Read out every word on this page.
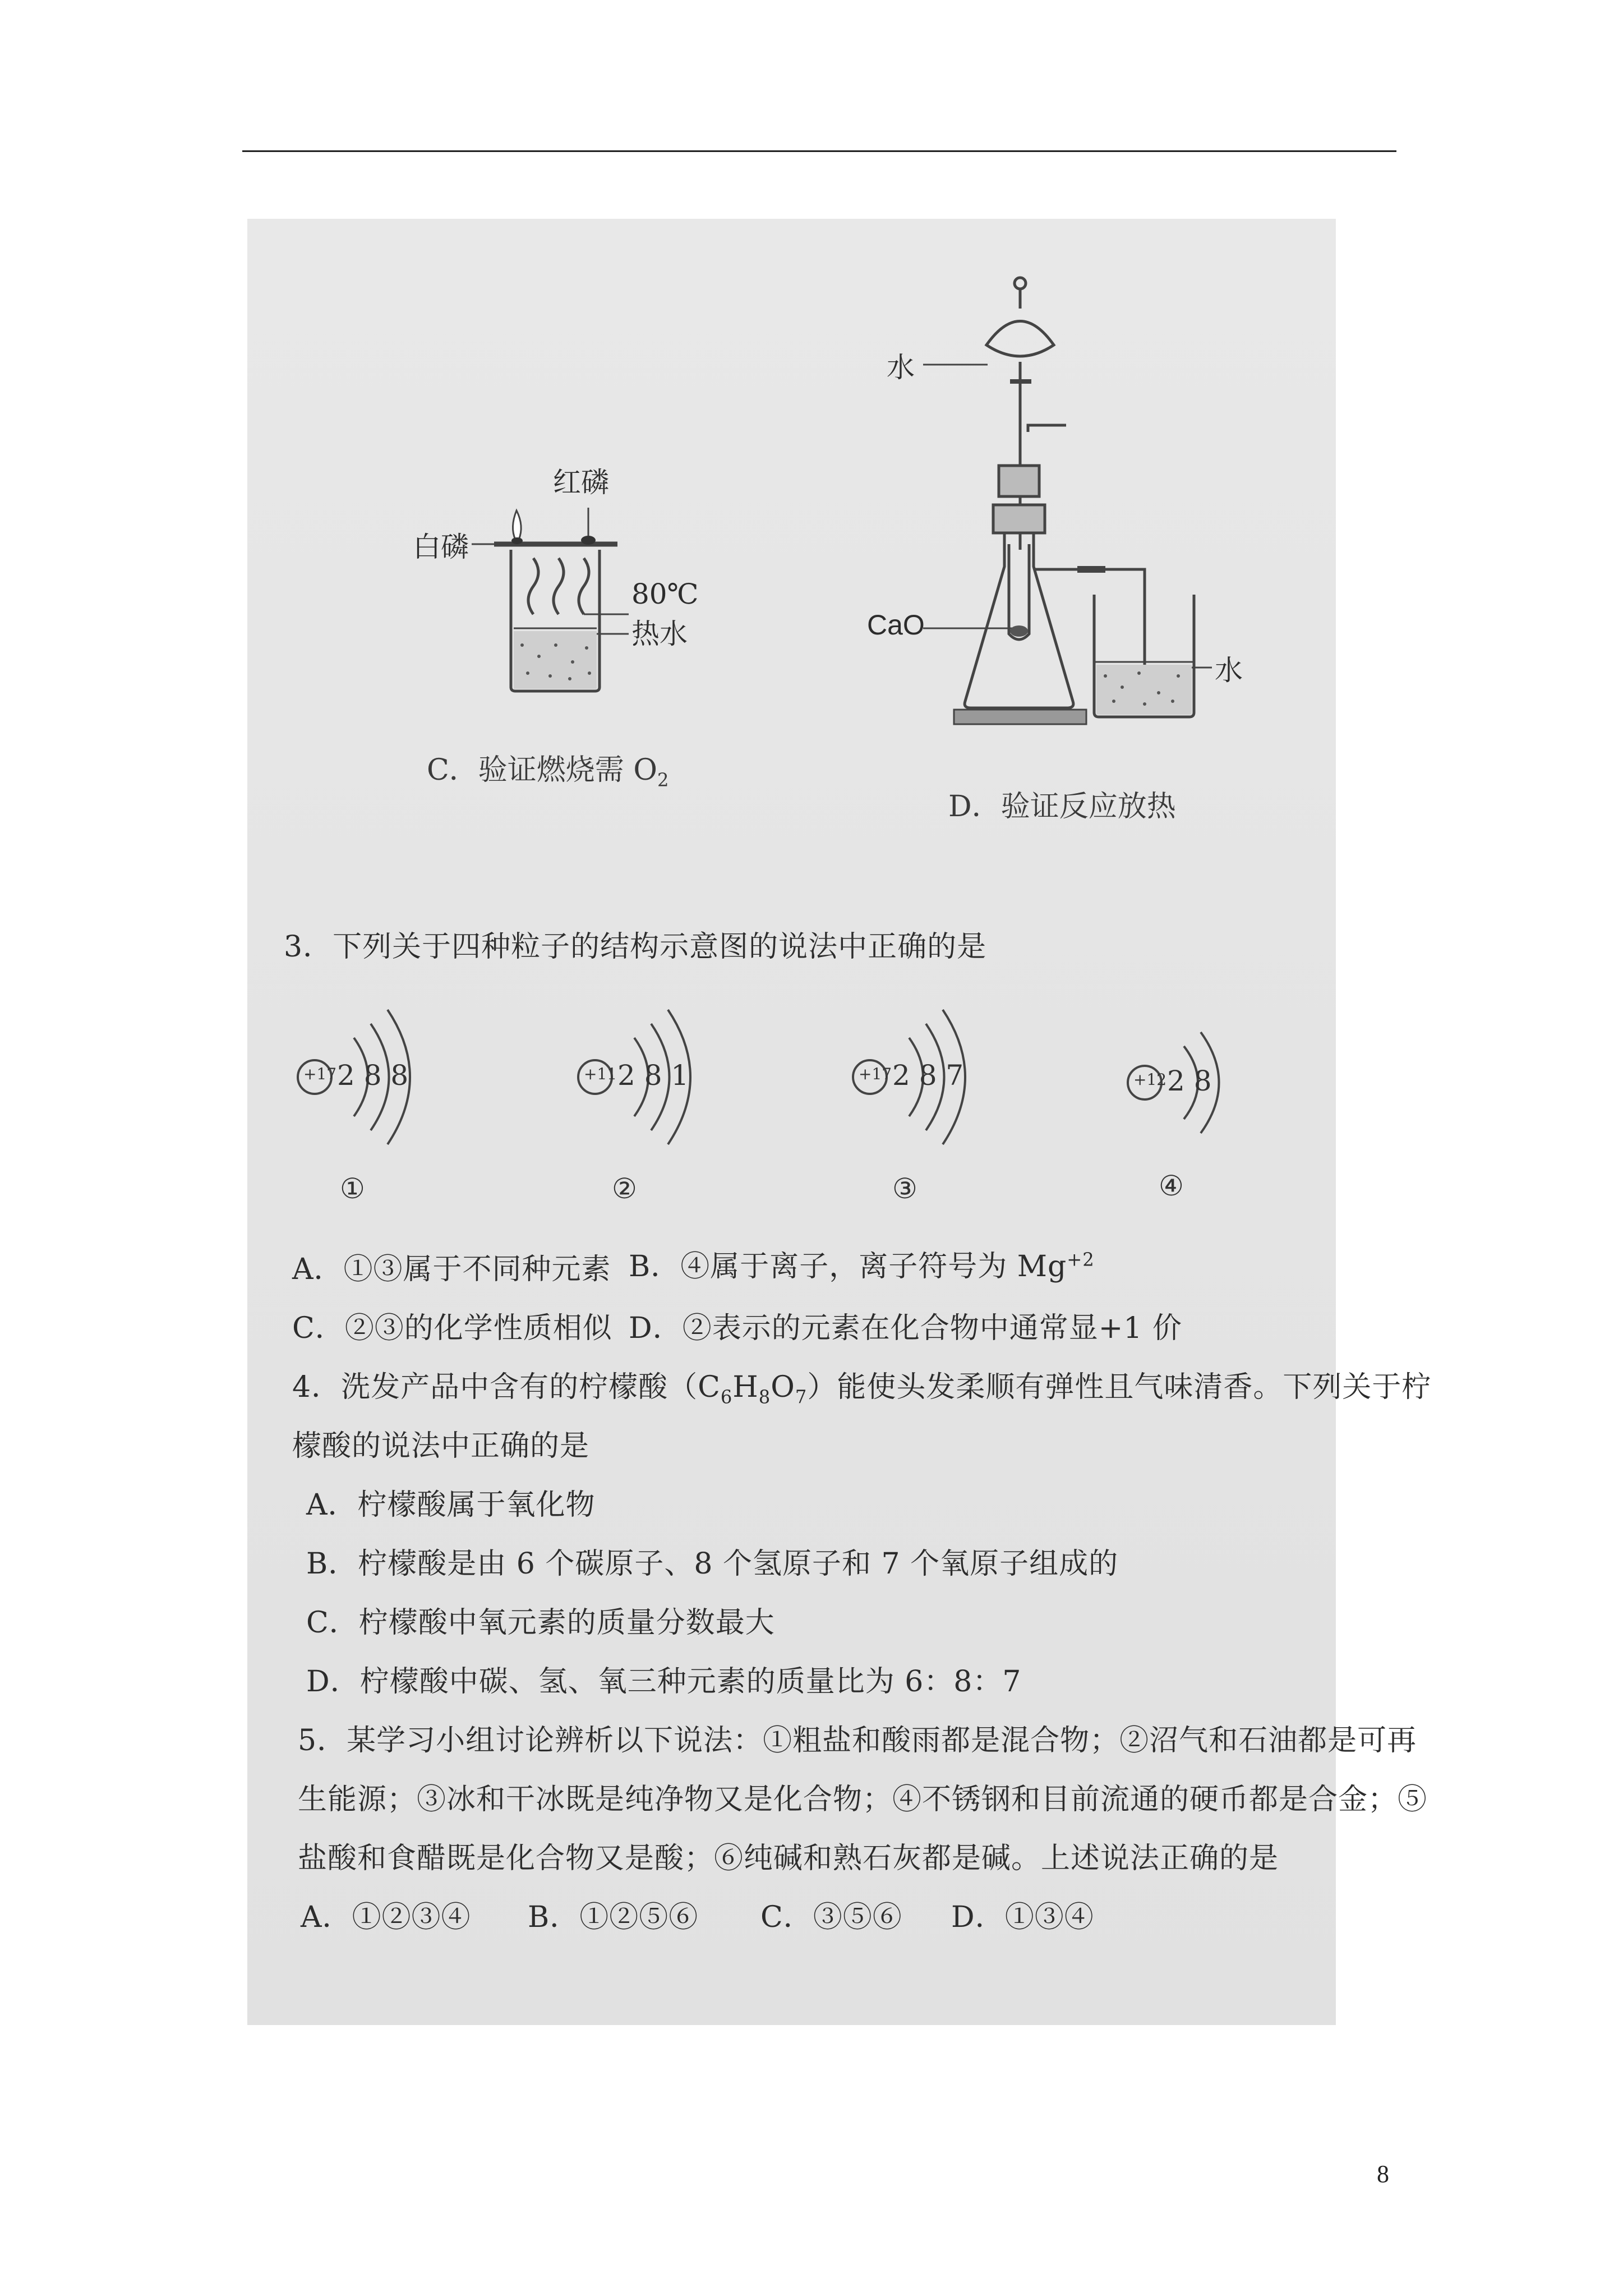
红磷
白磷
80℃
热水
C．验证燃烧需 $O_2$
水
CaO
水
D．验证反应放热
3．下列关于四种粒子的结构示意图的说法中正确的是
+17 2 8 8	+11 2 8 1	+17 2 8 7	+12 2 8
①	②	③	④
A．①③属于不同种元素 B．④属于离子，离子符号为 $Mg^{+2}$
C．②③的化学性质相似 D．②表示的元素在化合物中通常显+1 价
4．洗发产品中含有的柠檬酸$(C_6H_8O_7)$能使头发柔顺有弹性且气味清香。下列关于柠
檬酸的说法中正确的是
A．柠檬酸属于氧化物
B．柠檬酸是由 6 个碳原子、8 个氢原子和 7 个氧原子组成的
C．柠檬酸中氧元素的质量分数最大
D．柠檬酸中碳、氢、氧三种元素的质量比为 6：8：7
5．某学习小组讨论辨析以下说法：①粗盐和酸雨都是混合物；②沼气和石油都是可再
生能源；③冰和干冰既是纯净物又是化合物；④不锈钢和目前流通的硬币都是合金；⑤
盐酸和食醋既是化合物又是酸；⑥纯碱和熟石灰都是碱。上述说法正确的是
A．①②③④ B．①②⑤⑥ C．③⑤⑥ D．①③④
8
